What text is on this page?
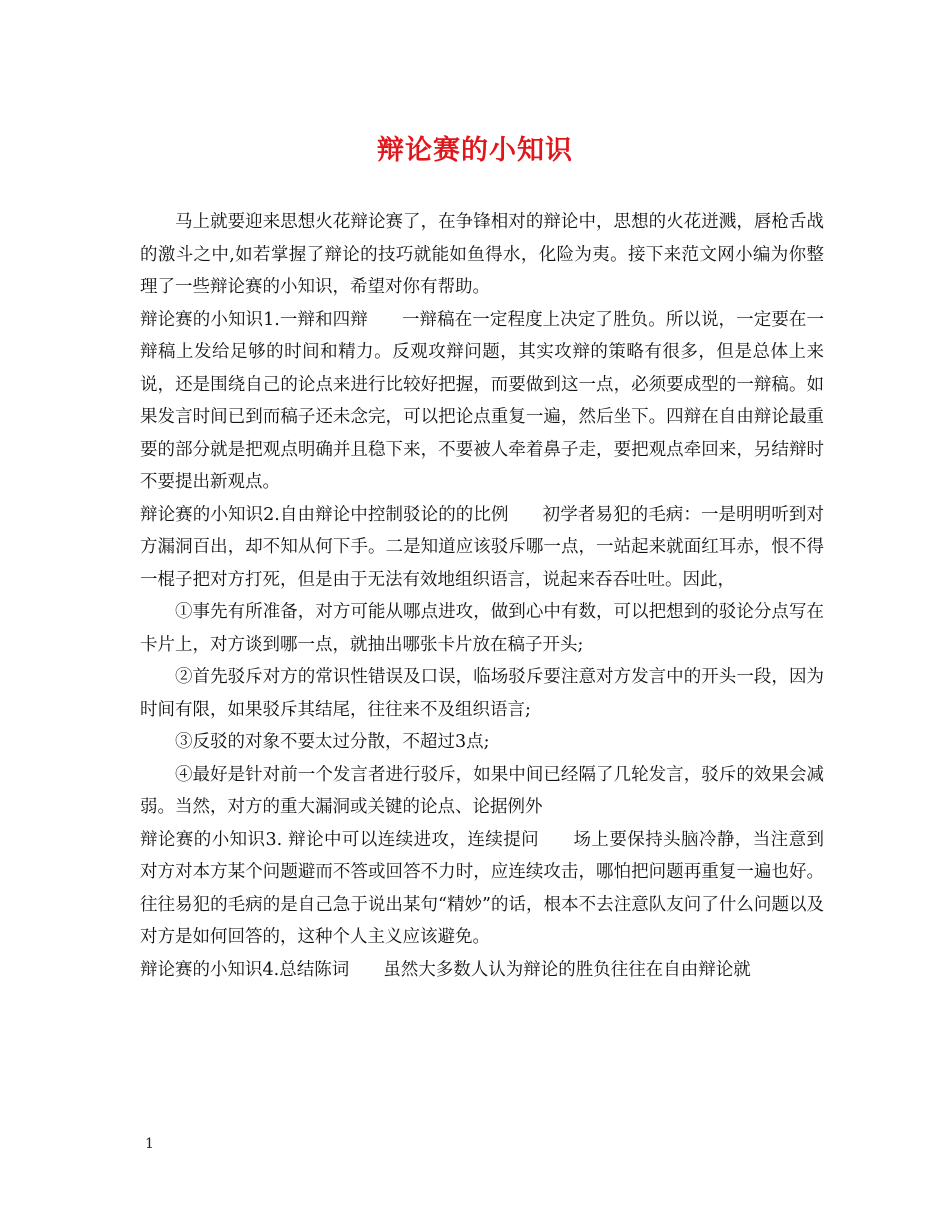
辩论赛的小知识

马上就要迎来思想火花辩论赛了，在争锋相对的辩论中，思想的火花迸溅，唇枪舌战的激斗之中,如若掌握了辩论的技巧就能如鱼得水，化险为夷。接下来范文网小编为你整理了一些辩论赛的小知识，希望对你有帮助。

辩论赛的小知识1.一辩和四辩 一辩稿在一定程度上决定了胜负。所以说，一定要在一辩稿上发给足够的时间和精力。反观攻辩问题，其实攻辩的策略有很多，但是总体上来说，还是围绕自己的论点来进行比较好把握，而要做到这一点，必须要成型的一辩稿。如果发言时间已到而稿子还未念完，可以把论点重复一遍，然后坐下。四辩在自由辩论最重要的部分就是把观点明确并且稳下来，不要被人牵着鼻子走，要把观点牵回来，另结辩时不要提出新观点。

辩论赛的小知识2.自由辩论中控制驳论的的比例 初学者易犯的毛病：一是明明听到对方漏洞百出，却不知从何下手。二是知道应该驳斥哪一点，一站起来就面红耳赤，恨不得一棍子把对方打死，但是由于无法有效地组织语言，说起来吞吞吐吐。因此，

①事先有所准备，对方可能从哪点进攻，做到心中有数，可以把想到的驳论分点写在卡片上，对方谈到哪一点，就抽出哪张卡片放在稿子开头;

②首先驳斥对方的常识性错误及口误，临场驳斥要注意对方发言中的开头一段，因为时间有限，如果驳斥其结尾，往往来不及组织语言;

③反驳的对象不要太过分散，不超过3点;

④最好是针对前一个发言者进行驳斥，如果中间已经隔了几轮发言，驳斥的效果会减弱。当然，对方的重大漏洞或关键的论点、论据例外

辩论赛的小知识3. 辩论中可以连续进攻，连续提问 场上要保持头脑冷静，当注意到对方对本方某个问题避而不答或回答不力时，应连续攻击，哪怕把问题再重复一遍也好。往往易犯的毛病的是自己急于说出某句“精妙”的话，根本不去注意队友问了什么问题以及对方是如何回答的，这种个人主义应该避免。

辩论赛的小知识4.总结陈词 虽然大多数人认为辩论的胜负往往在自由辩论就

1
